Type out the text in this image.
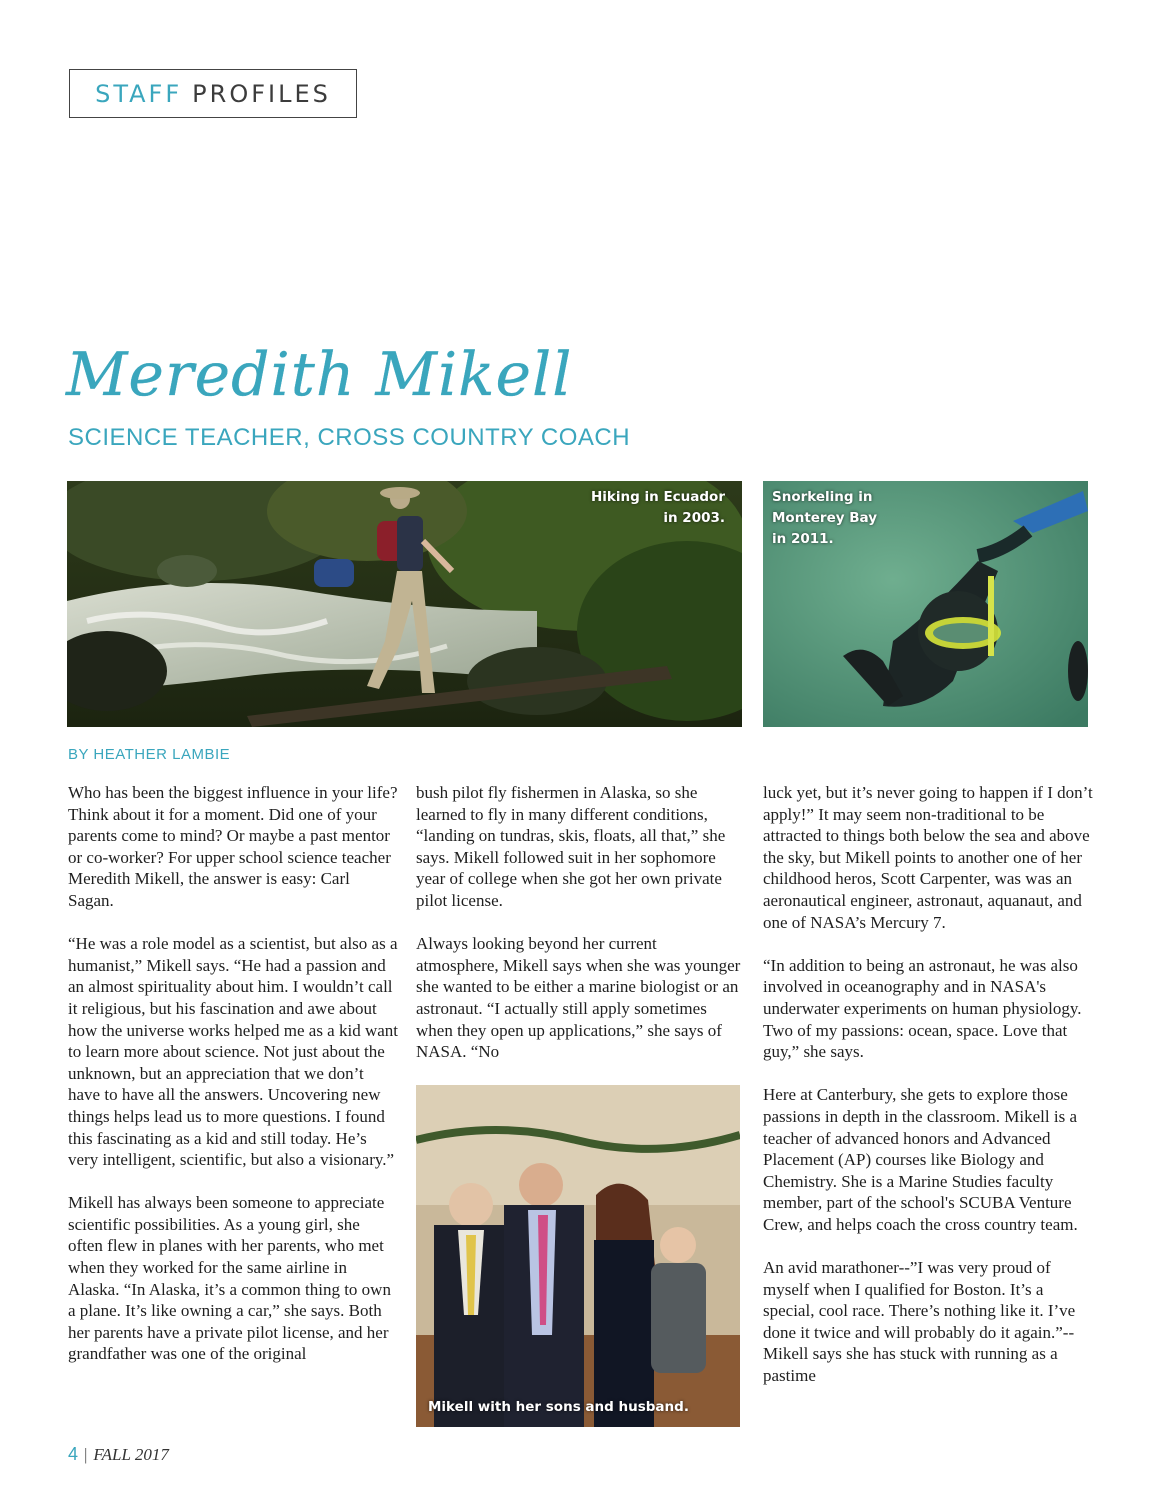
STAFF PROFILES
Meredith Mikell
SCIENCE TEACHER, CROSS COUNTRY COACH
Hiking in Ecuador
in 2003.
Snorkeling in
Monterey Bay
in 2011.
BY HEATHER LAMBIE

Who has been the biggest influence in your life? Think about it for a moment. Did one of your parents come to mind? Or maybe a past mentor or co-worker? For upper school science teacher Meredith Mikell, the answer is easy: Carl Sagan.

“He was a role model as a scientist, but also as a humanist,” Mikell says. “He had a passion and an almost spirituality about him. I wouldn’t call it religious, but his fascination and awe about how the universe works helped me as a kid want to learn more about science. Not just about the unknown, but an appreciation that we don’t have to have all the answers. Uncovering new things helps lead us to more questions. I found this fascinating as a kid and still today. He’s very intelligent, scientific, but also a visionary.”

Mikell has always been someone to appreciate scientific possibilities. As a young girl, she often flew in planes with her parents, who met when they worked for the same airline in Alaska. “In Alaska, it’s a common thing to own a plane. It’s like owning a car,” she says. Both her parents have a private pilot license, and her grandfather was one of the original

bush pilot fly fishermen in Alaska, so she learned to fly in many different conditions, “landing on tundras, skis, floats, all that,” she says. Mikell followed suit in her sophomore year of college when she got her own private pilot license.

Always looking beyond her current atmosphere, Mikell says when she was younger she wanted to be either a marine biologist or an astronaut. “I actually still apply sometimes when they open up applications,” she says of NASA. “No

Mikell with her sons and husband.

luck yet, but it’s never going to happen if I don’t apply!” It may seem non-traditional to be attracted to things both below the sea and above the sky, but Mikell points to another one of her childhood heros, Scott Carpenter, was was an aeronautical engineer, astronaut, aquanaut, and one of NASA’s Mercury 7.

“In addition to being an astronaut, he was also involved in oceanography and in NASA's underwater experiments on human physiology. Two of my passions: ocean, space. Love that guy,” she says.

Here at Canterbury, she gets to explore those passions in depth in the classroom. Mikell is a teacher of advanced honors and Advanced Placement (AP) courses like Biology and Chemistry. She is a Marine Studies faculty member, part of the school's SCUBA Venture Crew, and helps coach the cross country team.

An avid marathoner--”I was very proud of myself when I qualified for Boston. It’s a special, cool race. There’s nothing like it. I’ve done it twice and will probably do it again.”--Mikell says she has stuck with running as a pastime

4 | FALL 2017
